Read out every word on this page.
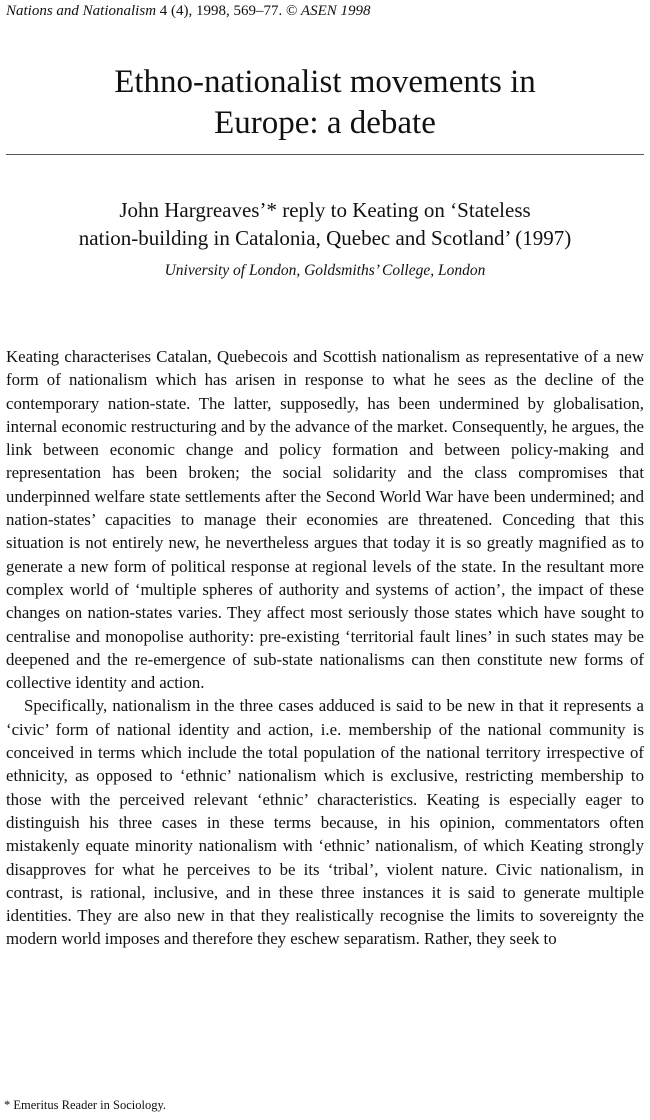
Nations and Nationalism 4 (4), 1998, 569–77. © ASEN 1998
Ethno-nationalist movements in
Europe: a debate
John Hargreaves’* reply to Keating on ‘Stateless
nation-building in Catalonia, Quebec and Scotland’ (1997)
University of London, Goldsmiths’ College, London

Keating characterises Catalan, Quebecois and Scottish nationalism as representative of a new form of nationalism which has arisen in response to what he sees as the decline of the contemporary nation-state. The latter, supposedly, has been undermined by globalisation, internal economic restructuring and by the advance of the market. Consequently, he argues, the link between economic change and policy formation and between policy-making and representation has been broken; the social solidarity and the class compromises that underpinned welfare state settlements after the Second World War have been undermined; and nation-states’ capacities to manage their economies are threatened. Conceding that this situation is not entirely new, he nevertheless argues that today it is so greatly magnified as to generate a new form of political response at regional levels of the state. In the resultant more complex world of ‘multiple spheres of authority and systems of action’, the impact of these changes on nation-states varies. They affect most seriously those states which have sought to centralise and monopolise authority: pre-existing ‘territorial fault lines’ in such states may be deepened and the re-emergence of sub-state nationalisms can then constitute new forms of collective identity and action.

Specifically, nationalism in the three cases adduced is said to be new in that it represents a ‘civic’ form of national identity and action, i.e. membership of the national community is conceived in terms which include the total population of the national territory irrespective of ethnicity, as opposed to ‘ethnic’ nationalism which is exclusive, restricting membership to those with the perceived relevant ‘ethnic’ characteristics. Keating is especially eager to distinguish his three cases in these terms because, in his opinion, commentators often mistakenly equate minority nationalism with ‘ethnic’ nationalism, of which Keating strongly disapproves for what he perceives to be its ‘tribal’, violent nature. Civic nationalism, in contrast, is rational, inclusive, and in these three instances it is said to generate multiple identities. They are also new in that they realistically recognise the limits to sovereignty the modern world imposes and therefore they eschew separatism. Rather, they seek to

* Emeritus Reader in Sociology.
